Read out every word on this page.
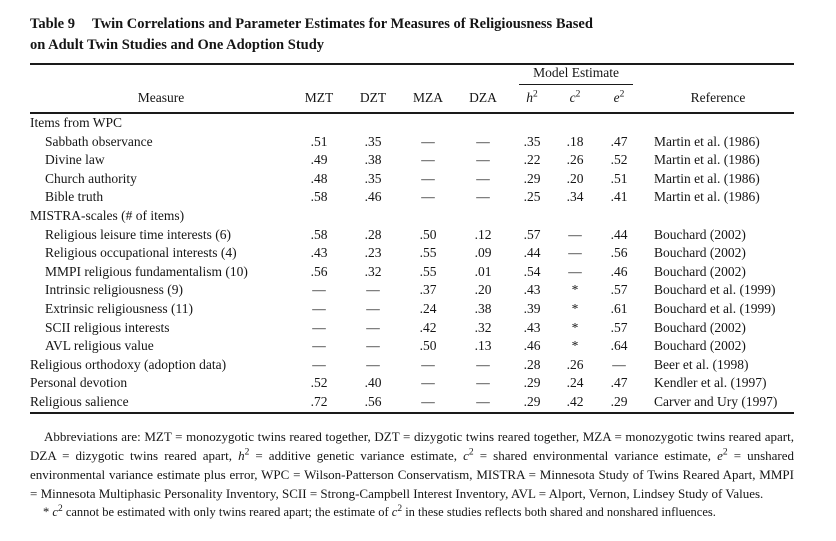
Table 9 Twin Correlations and Parameter Estimates for Measures of Religiousness Based
on Adult Twin Studies and One Adoption Study

					Model Estimate			

Measure	MZT	DZT	MZA	DZA	$h^2$	$c^2$	$e^2$	Reference
Items from WPC								
Sabbath observance	.51	.35	—	—	.35	.18	.47	Martin et al. (1986)
Divine law	.49	.38	—	—	.22	.26	.52	Martin et al. (1986)
Church authority	.48	.35	—	—	.29	.20	.51	Martin et al. (1986)
Bible truth	.58	.46	—	—	.25	.34	.41	Martin et al. (1986)
MISTRA-scales (# of items)								
Religious leisure time interests (6)	.58	.28	.50	.12	.57	—	.44	Bouchard (2002)
Religious occupational interests (4)	.43	.23	.55	.09	.44	—	.56	Bouchard (2002)
MMPI religious fundamentalism (10)	.56	.32	.55	.01	.54	—	.46	Bouchard (2002)
Intrinsic religiousness (9)	—	—	.37	.20	.43	*	.57	Bouchard et al. (1999)
Extrinsic religiousness (11)	—	—	.24	.38	.39	*	.61	Bouchard et al. (1999)
SCII religious interests	—	—	.42	.32	.43	*	.57	Bouchard (2002)
AVL religious value	—	—	.50	.13	.46	*	.64	Bouchard (2002)
Religious orthodoxy (adoption data)	—	—	—	—	.28	.26	—	Beer et al. (1998)
Personal devotion	.52	.40	—	—	.29	.24	.47	Kendler et al. (1997)
Religious salience	.72	.56	—	—	.29	.42	.29	Carver and Ury (1997)

Abbreviations are: MZT = monozygotic twins reared together, DZT = dizygotic twins reared together, MZA = monozygotic twins reared apart, DZA = dizygotic twins reared apart, $h^2$ = additive genetic variance estimate, $c^2$ = shared environmental variance estimate, $e^2$ = unshared environmental variance estimate plus error, WPC = Wilson-Patterson Conservatism, MISTRA = Minnesota Study of Twins Reared Apart, MMPI = Minnesota Multiphasic Personality Inventory, SCII = Strong-Campbell Interest Inventory, AVL = Alport, Vernon, Lindsey Study of Values.

* $c^2$ cannot be estimated with only twins reared apart; the estimate of $c^2$ in these studies reflects both shared and nonshared influences.
